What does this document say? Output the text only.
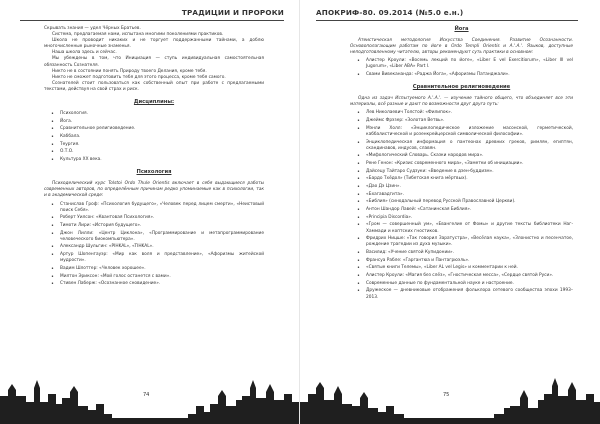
ТРАДИЦИИ И ПРОРОКИ

Скрывать знания — удел Чёрных Братьев.

Система, предлагаемая нами, испытана многими поколениями практиков.

Школа не проводит никаких и не торгует поддержанными тайнами, а доблю многочисленные рыночные знаменья.

Наша школа здесь и сейчас.

Мы убеждены в том, что Инициация — ступь индивидуальная самостоятельная обязанность Сознателя.

Никто не в состоянии понять Природу твоего Делания, кроме тебя.

Никто не сможет подготовить тебя для этого процесса, кроме тебя самого.

Сознателей стоит пользоваться как собственный опыт при работе с предлагаемыми текстами, действуя на свой страх и риск.

Дисциплины:
• Психология.
• Йога.
• Сравнительное религиоведение.
• Каббала.
• Теургия.
• О.Т.О.
• Культура XX века.
Психология

Психоделический курс Tolstoi Ordo Thule Orientis включает в себя выдающиеся работы современных авторов, по определённым причинам редко упоминаемые как в психологии, так и в академической среде:

• Станислав Гроф: «Психология будущего», «Человек перед лицем смерти», «Неистовый поиск Себя».
• Роберт Уилсон: «Квантовая Психология».
• Тимоти Лири: «История будущего».
• Джон Лилли: «Центр Циклона», «Программирование и метапрограммирование человеческого биокомпьютера».
• Александр Шульгин: «PIHKAL», «TIHKAL».
• Артур Шопенгауэр: «Мир как воля и представление», «Афоризмы житейской мудрости».
• Вадим Шлоттер: «Человек хорошее».
• Милтон Эриксон: «Мой голос останется с вами».
• Стивен Лаберж: «Осознанное сновидение».
74
АПОКРИФ-80. 09.2014 (№5.0 е.н.)
Йога

Атеистическая методология Искусства Соединения. Развитие Осознанности. Основополагающим работам по йоге в Ordo Templi Orientis и А.'.А.'. Языков, доступные неподготовленному читателю, авторы рекомендуют суть практики в основном:

• Алистер Кроули: «Восемь лекций по йоге», «Liber E vel Exercitiorum», «Liber III vel Jugorum», «Liber ABA» Part I.
• Свами Вивекананда: «Раджа Йога», «Афоризмы Патанджали».
Сравнительное религиоведение

Одна из задач Испытуемого А.'.А.'. — изучение тайного общего, что объединяет все эти материалы, всё разные и дают по возможности друг друга путь:

• Лев Николаевич Толстой: «Филипок».
• Джеймс Фрэзер: «Золотая Ветвь».
• Мэнли Холл: «Энциклопедическое изложение масонской, герметической, каббалистической и розенкрейцерской символической философии».
• Энциклопедическая информация о пантеонах древних греков, римлян, египтян, скандинавов, индусов, славян.
• «Мифологический Словарь. Сказки народов мира».
• Рене Генон: «Кризис современного мира», «Заметки об инициации».
• Дайсецу Тайтаро Судзуки: «Введение в дзен-буддизм».
• «Бардо Тхёдол» (Тибетская книга мёртвых).
• «Дао Дэ Цзин».
• «Бхагавадгита».
• «Библия» (синодальный перевод Русской Православной Церкви).
• Антон Шандор Лавей: «Сатанинская Библия».
• «Principia Discordia».
• «Гром — совершенный ум», «Евангелие от Фомы» и другие тексты библиотеки Наг-Хаммади и коптских гностиков.
• Фридрих Ницше: «Так говорил Заратустра», «Весёлая наука», «Злонистно и песенчатое, рождение трагедии из духа музыки».
• Василид: «Учение святой Купидонии».
• Франсуа Рабле: «Гаргантюа и Пантагрюэль».
• «Святые книги Телемы», «Liber AL vel Legis» и комментарии к ней.
• Алистер Кроули: «Магия без слёз», «Гностическая месса», «Сердце святой Руси».
• Современные данные по фундаментальной науке и настроение.
• Дружеское — дневниковые отображения фольклора сетевого сообщества эпохи 1993–2013.
75
